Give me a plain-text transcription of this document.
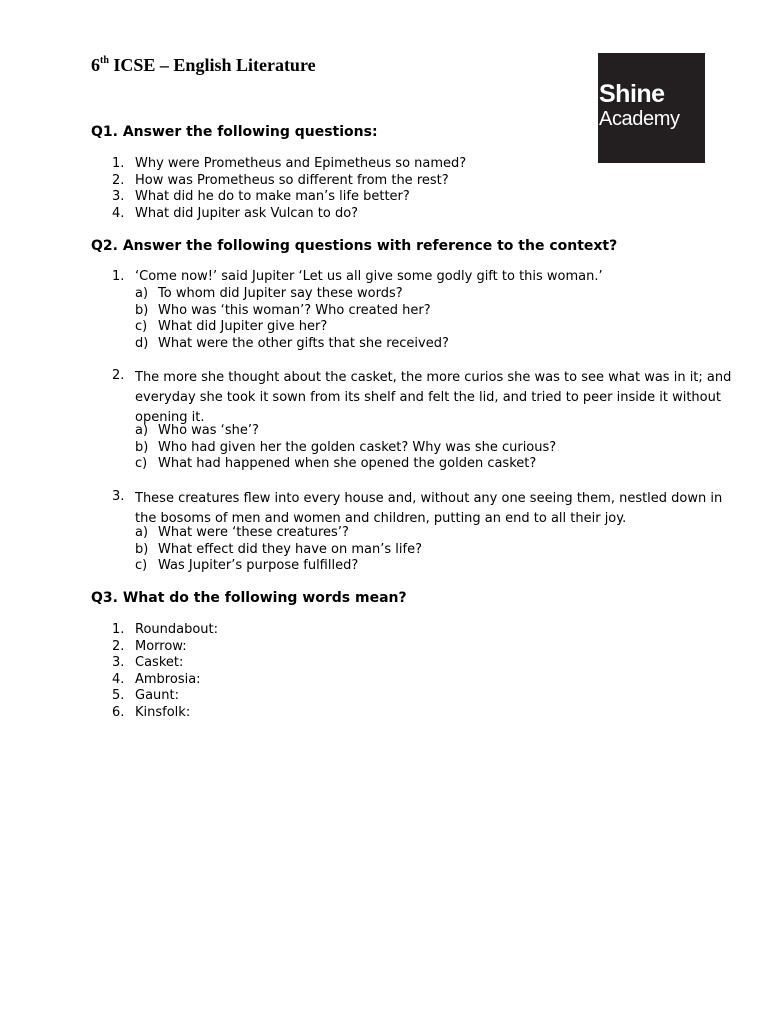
6th ICSE – English Literature
Shine
Academy
Q1. Answer the following questions:
1. Why were Prometheus and Epimetheus so named?
2. How was Prometheus so different from the rest?
3. What did he do to make man’s life better?
4. What did Jupiter ask Vulcan to do?
Q2. Answer the following questions with reference to the context?
1. ‘Come now!’ said Jupiter ‘Let us all give some godly gift to this woman.’
a) To whom did Jupiter say these words?
b) Who was ‘this woman’? Who created her?
c) What did Jupiter give her?
d) What were the other gifts that she received?
2. The more she thought about the casket, the more curios she was to see what was in it; and everyday she took it sown from its shelf and felt the lid, and tried to peer inside it without opening it.
a) Who was ‘she’?
b) Who had given her the golden casket? Why was she curious?
c) What had happened when she opened the golden casket?
3. These creatures flew into every house and, without any one seeing them, nestled down in the bosoms of men and women and children, putting an end to all their joy.
a) What were ‘these creatures’?
b) What effect did they have on man’s life?
c) Was Jupiter’s purpose fulfilled?
Q3. What do the following words mean?
1. Roundabout:
2. Morrow:
3. Casket:
4. Ambrosia:
5. Gaunt:
6. Kinsfolk:
